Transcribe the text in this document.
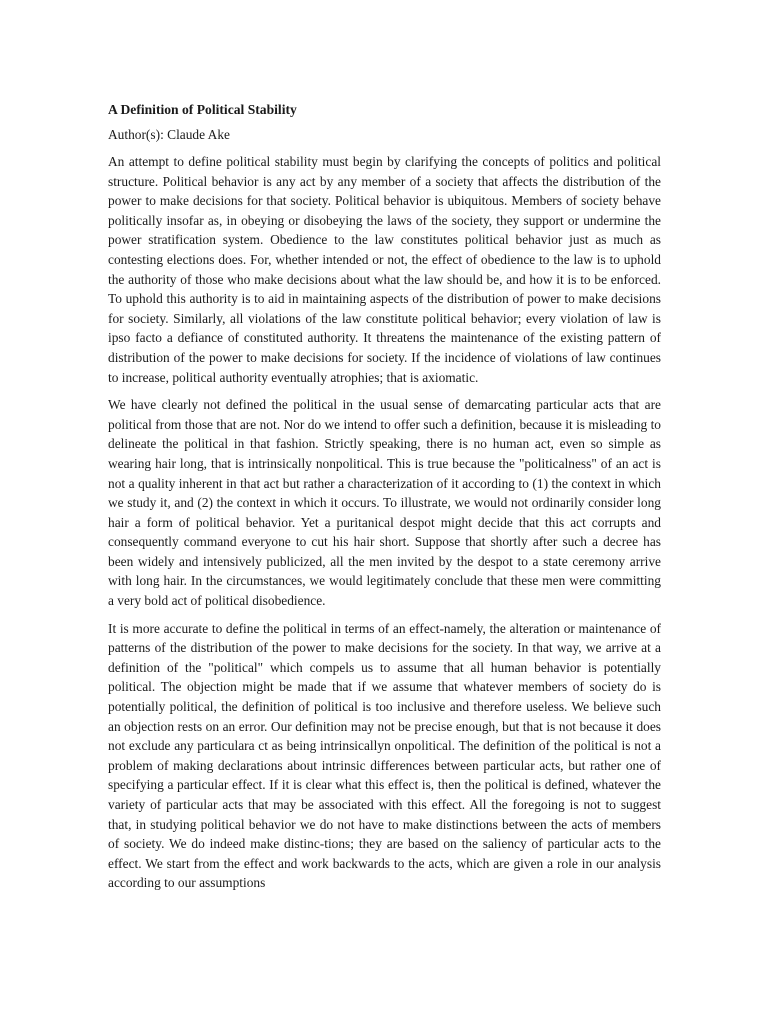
A Definition of Political Stability
Author(s): Claude Ake

An attempt to define political stability must begin by clarifying the concepts of politics and political structure. Political behavior is any act by any member of a society that affects the distribution of the power to make decisions for that society. Political behavior is ubiquitous. Members of society behave politically insofar as, in obeying or disobeying the laws of the society, they support or undermine the power stratification system. Obedience to the law constitutes political behavior just as much as contesting elections does. For, whether intended or not, the effect of obedience to the law is to uphold the authority of those who make decisions about what the law should be, and how it is to be enforced. To uphold this authority is to aid in maintaining aspects of the distribution of power to make decisions for society. Similarly, all violations of the law constitute political behavior; every violation of law is ipso facto a defiance of constituted authority. It threatens the maintenance of the existing pattern of distribution of the power to make decisions for society. If the incidence of violations of law continues to increase, political authority eventually atrophies; that is axiomatic.

We have clearly not defined the political in the usual sense of demarcating particular acts that are political from those that are not. Nor do we intend to offer such a definition, because it is misleading to delineate the political in that fashion. Strictly speaking, there is no human act, even so simple as wearing hair long, that is intrinsically nonpolitical. This is true because the "politicalness" of an act is not a quality inherent in that act but rather a characterization of it according to (1) the context in which we study it, and (2) the context in which it occurs. To illustrate, we would not ordinarily consider long hair a form of political behavior. Yet a puritanical despot might decide that this act corrupts and consequently command everyone to cut his hair short. Suppose that shortly after such a decree has been widely and intensively publicized, all the men invited by the despot to a state ceremony arrive with long hair. In the circumstances, we would legitimately conclude that these men were committing a very bold act of political disobedience.

It is more accurate to define the political in terms of an effect-namely, the alteration or maintenance of patterns of the distribution of the power to make decisions for the society. In that way, we arrive at a definition of the "political" which compels us to assume that all human behavior is potentially political. The objection might be made that if we assume that whatever members of society do is potentially political, the definition of political is too inclusive and therefore useless. We believe such an objection rests on an error. Our definition may not be precise enough, but that is not because it does not exclude any particulara ct as being intrinsicallyn onpolitical. The definition of the political is not a problem of making declarations about intrinsic differences between particular acts, but rather one of specifying a particular effect. If it is clear what this effect is, then the political is defined, whatever the variety of particular acts that may be associated with this effect. All the foregoing is not to suggest that, in studying political behavior we do not have to make distinctions between the acts of members of society. We do indeed make distinc-tions; they are based on the saliency of particular acts to the effect. We start from the effect and work backwards to the acts, which are given a role in our analysis according to our assumptions
